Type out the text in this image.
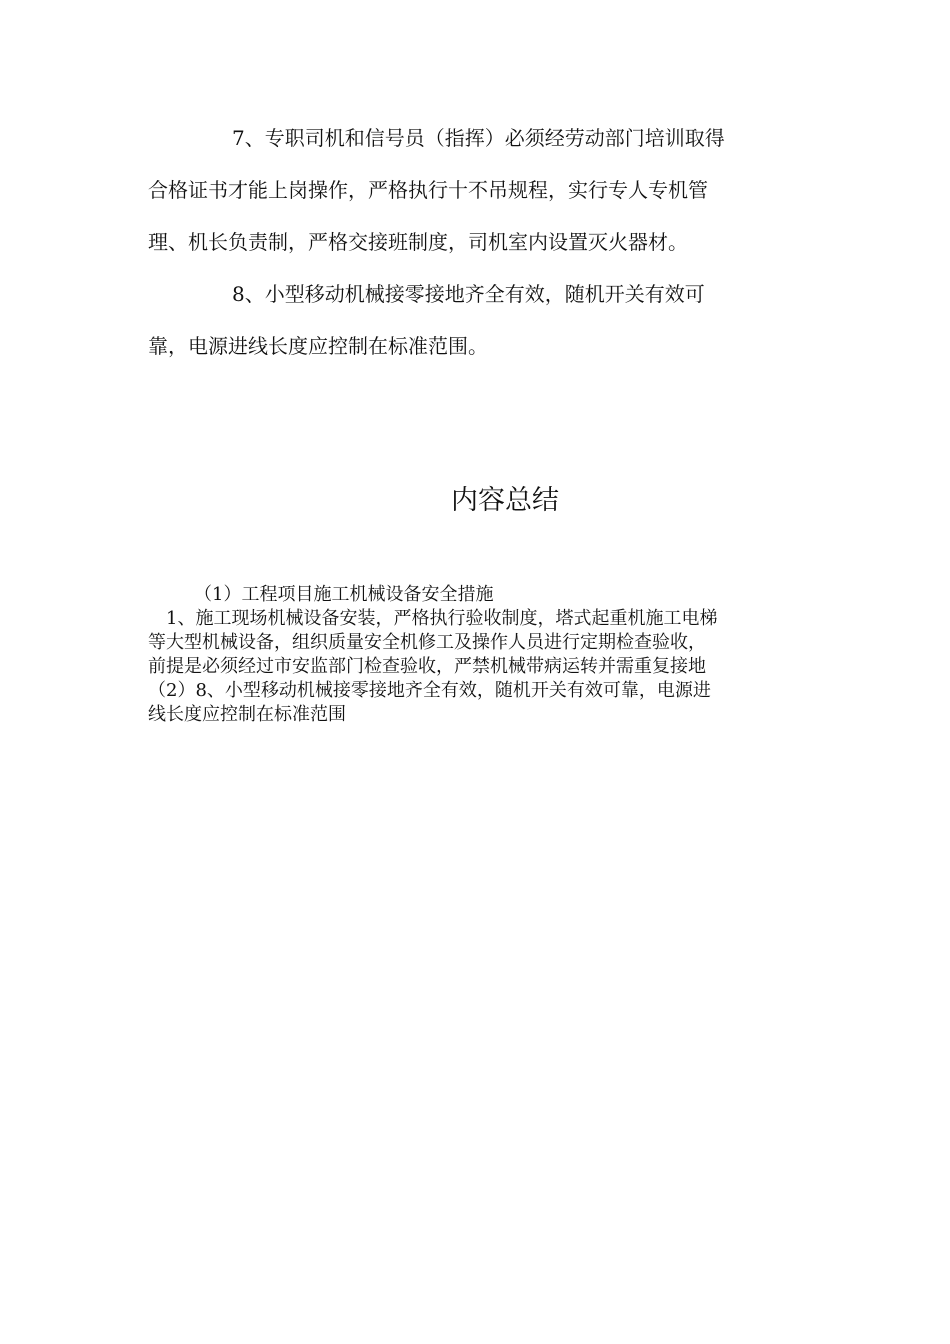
7、专职司机和信号员（指挥）必须经劳动部门培训取得
合格证书才能上岗操作，严格执行十不吊规程，实行专人专机管
理、机长负责制，严格交接班制度，司机室内设置灭火器材。
8、小型移动机械接零接地齐全有效，随机开关有效可
靠，电源进线长度应控制在标准范围。
内容总结
（1）工程项目施工机械设备安全措施
1、施工现场机械设备安装，严格执行验收制度，塔式起重机施工电梯
等大型机械设备，组织质量安全机修工及操作人员进行定期检查验收，
前提是必须经过市安监部门检查验收，严禁机械带病运转并需重复接地
（2）8、小型移动机械接零接地齐全有效，随机开关有效可靠，电源进
线长度应控制在标准范围
